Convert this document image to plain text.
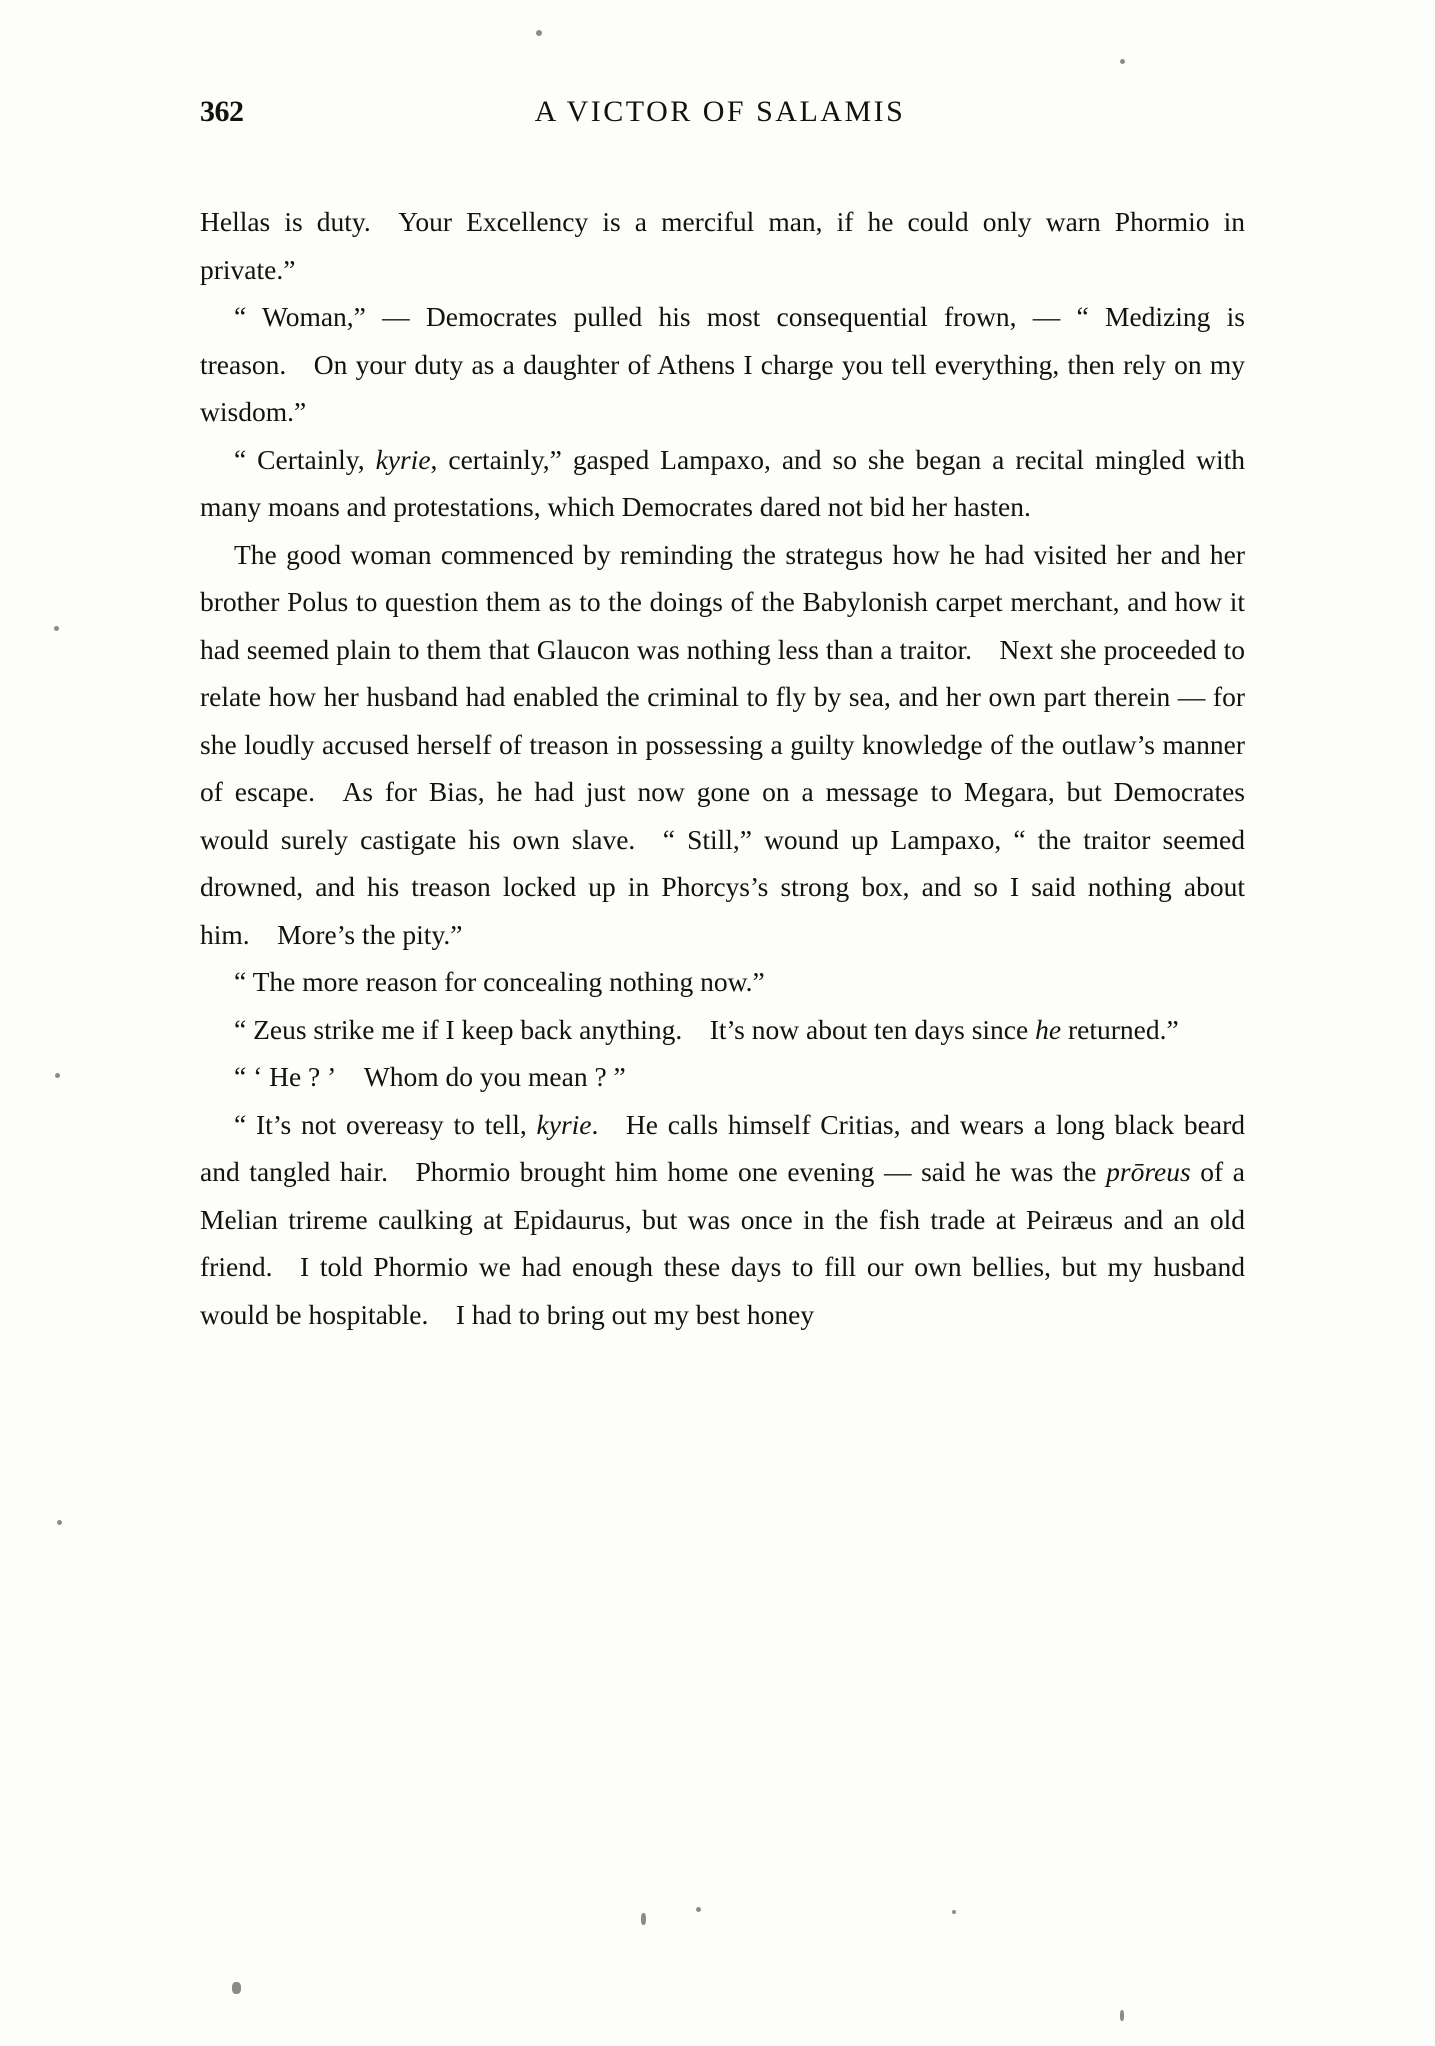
362	A VICTOR OF SALAMIS

Hellas is duty. Your Excellency is a merciful man, if he could only warn Phormio in private.”

“ Woman,” — Democrates pulled his most consequential frown, — “ Medizing is treason. On your duty as a daughter of Athens I charge you tell everything, then rely on my wisdom.”

“ Certainly, kyrie, certainly,” gasped Lampaxo, and so she began a recital mingled with many moans and protestations, which Democrates dared not bid her hasten.

The good woman commenced by reminding the strategus how he had visited her and her brother Polus to question them as to the doings of the Babylonish carpet merchant, and how it had seemed plain to them that Glaucon was nothing less than a traitor. Next she proceeded to relate how her husband had enabled the criminal to fly by sea, and her own part therein — for she loudly accused herself of treason in possessing a guilty knowledge of the outlaw’s manner of escape. As for Bias, he had just now gone on a message to Megara, but Democrates would surely castigate his own slave. “ Still,” wound up Lampaxo, “ the traitor seemed drowned, and his treason locked up in Phorcys’s strong box, and so I said nothing about him. More’s the pity.”

“ The more reason for concealing nothing now.”

“ Zeus strike me if I keep back anything. It’s now about ten days since he returned.”

“ ‘ He ? ’ Whom do you mean ? ”

“ It’s not overeasy to tell, kyrie. He calls himself Critias, and wears a long black beard and tangled hair. Phormio brought him home one evening — said he was the prōreus of a Melian trireme caulking at Epidaurus, but was once in the fish trade at Peiræus and an old friend. I told Phormio we had enough these days to fill our own bellies, but my husband would be hospitable. I had to bring out my best honey
